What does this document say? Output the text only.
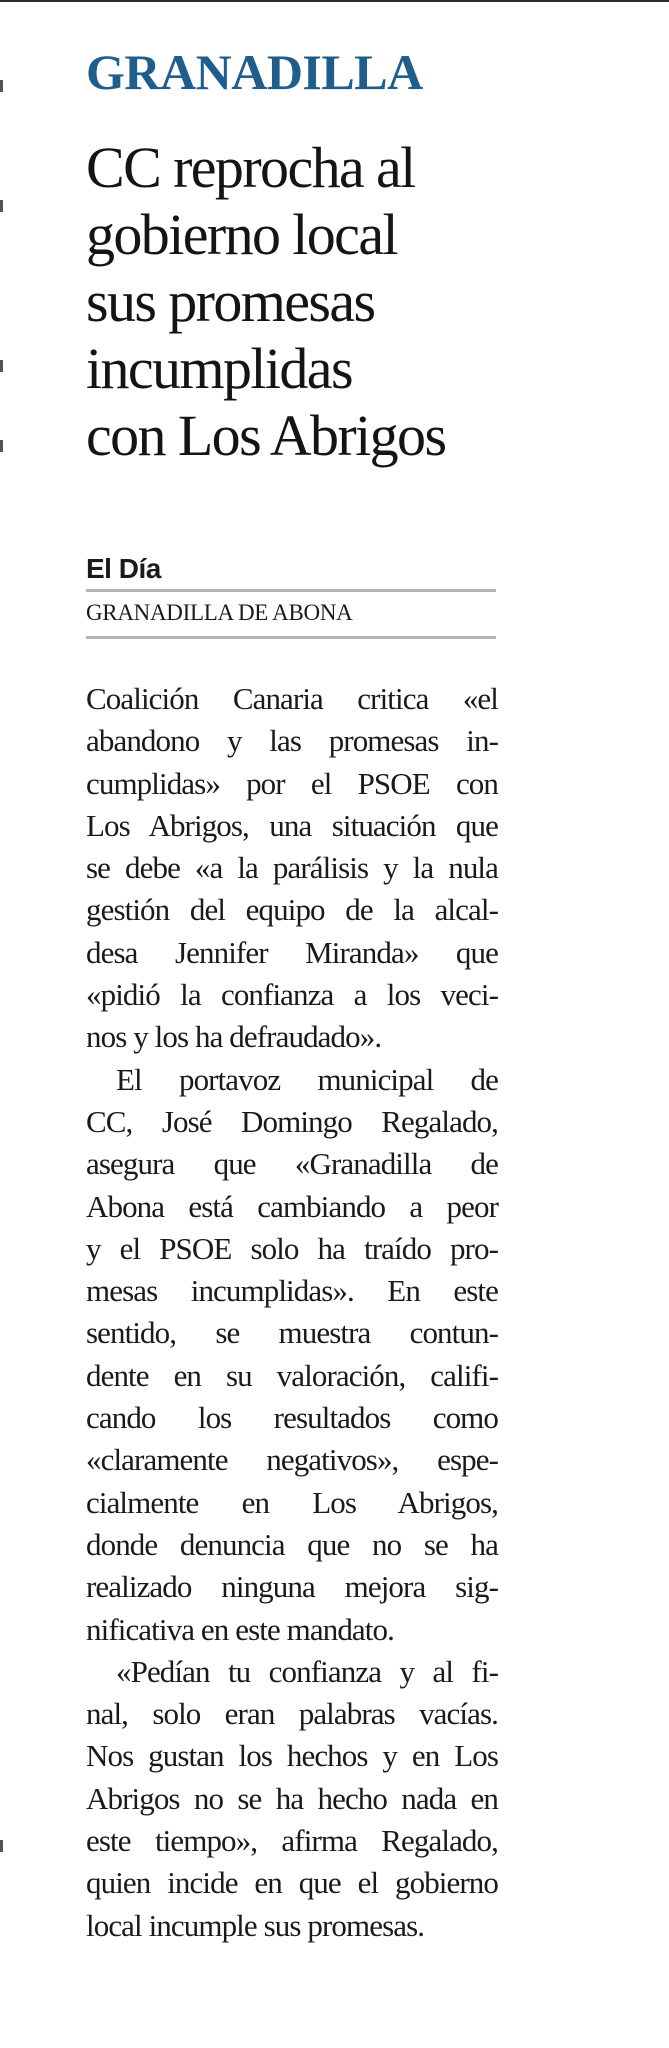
GRANADILLA
CC reprocha al
gobierno local
sus promesas
incumplidas
con Los Abrigos
El Día
GRANADILLA DE ABONA
Coalición Canaria critica «el
abandono y las promesas in-
cumplidas» por el PSOE con
Los Abrigos, una situación que
se debe «a la parálisis y la nula
gestión del equipo de la alcal-
desa Jennifer Miranda» que
«pidió la confianza a los veci-
nos y los ha defraudado».
El portavoz municipal de
CC, José Domingo Regalado,
asegura que «Granadilla de
Abona está cambiando a peor
y el PSOE solo ha traído pro-
mesas incumplidas». En este
sentido, se muestra contun-
dente en su valoración, califi-
cando los resultados como
«claramente negativos», espe-
cialmente en Los Abrigos,
donde denuncia que no se ha
realizado ninguna mejora sig-
nificativa en este mandato.
«Pedían tu confianza y al fi-
nal, solo eran palabras vacías.
Nos gustan los hechos y en Los
Abrigos no se ha hecho nada en
este tiempo», afirma Regalado,
quien incide en que el gobierno
local incumple sus promesas.
